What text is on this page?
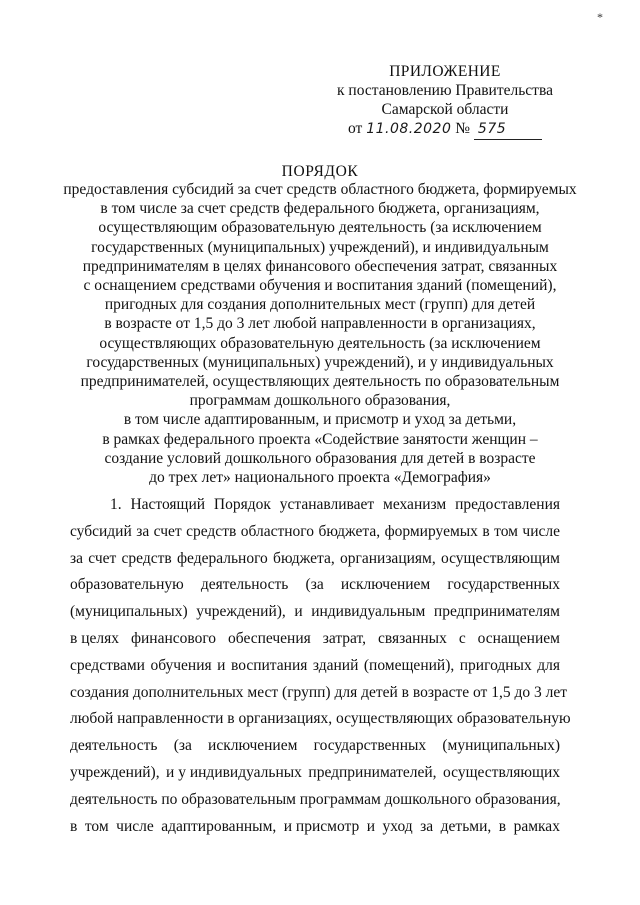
*
ПРИЛОЖЕНИЕ
к постановлению Правительства
Самарской области
от 11.08.2020 № 575
ПОРЯДОК
предоставления субсидий за счет средств областного бюджета, формируемых
в том числе за счет средств федерального бюджета, организациям,
осуществляющим образовательную деятельность (за исключением
государственных (муниципальных) учреждений), и индивидуальным
предпринимателям в целях финансового обеспечения затрат, связанных
с оснащением средствами обучения и воспитания зданий (помещений),
пригодных для создания дополнительных мест (групп) для детей
в возрасте от 1,5 до 3 лет любой направленности в организациях,
осуществляющих образовательную деятельность (за исключением
государственных (муниципальных) учреждений), и у индивидуальных
предпринимателей, осуществляющих деятельность по образовательным
программам дошкольного образования,
в том числе адаптированным, и присмотр и уход за детьми,
в рамках федерального проекта «Содействие занятости женщин –
создание условий дошкольного образования для детей в возрасте
до трех лет» национального проекта «Демография»
1. Настоящий Порядок устанавливает механизм предоставления
субсидий за счет средств областного бюджета, формируемых в том числе
за счет средств федерального бюджета, организациям, осуществляющим
образовательную деятельность (за исключением государственных
(муниципальных) учреждений), и индивидуальным предпринимателям
в целях финансового обеспечения затрат, связанных с оснащением
средствами обучения и воспитания зданий (помещений), пригодных для
создания дополнительных мест (групп) для детей в возрасте от 1,5 до 3 лет
любой направленности в организациях, осуществляющих образовательную
деятельность (за исключением государственных (муниципальных)
учреждений), и у индивидуальных предпринимателей, осуществляющих
деятельность по образовательным программам дошкольного образования,
в том числе адаптированным, и присмотр и уход за детьми, в рамках
